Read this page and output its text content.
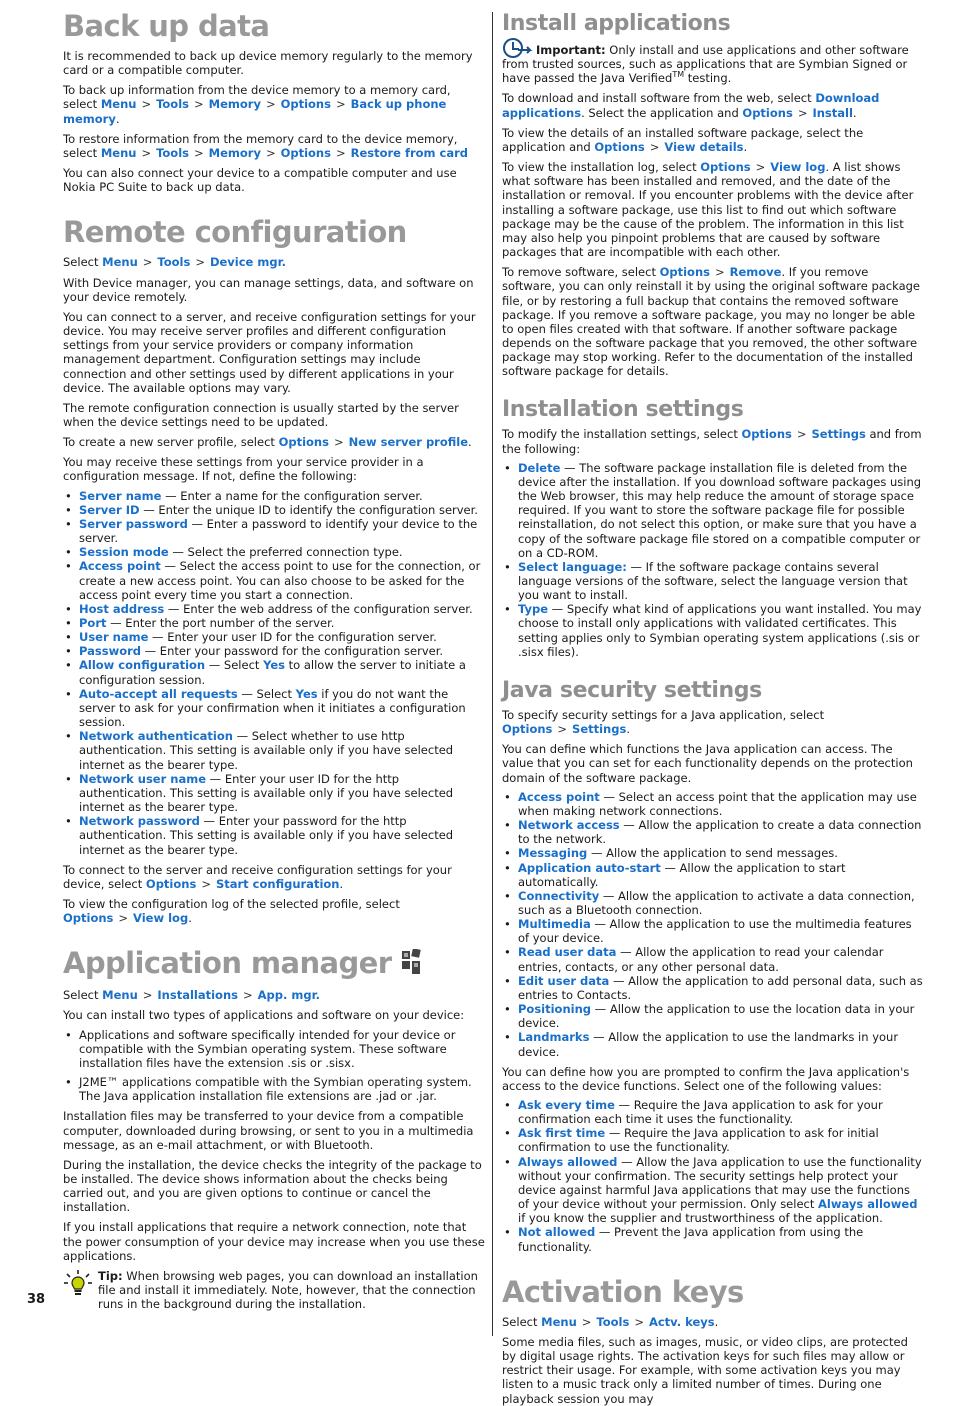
Back up data

It is recommended to back up device memory regularly to the memory card or a compatible computer.

To back up information from the device memory to a memory card, select Menu > Tools > Memory > Options > Back up phone memory.

To restore information from the memory card to the device memory, select Menu > Tools > Memory > Options > Restore from card

You can also connect your device to a compatible computer and use Nokia PC Suite to back up data.

Remote configuration

Select Menu > Tools > Device mgr.

With Device manager, you can manage settings, data, and software on your device remotely.

You can connect to a server, and receive configuration settings for your device. You may receive server profiles and different configuration settings from your service providers or company information management department. Configuration settings may include connection and other settings used by different applications in your device. The available options may vary.

The remote configuration connection is usually started by the server when the device settings need to be updated.

To create a new server profile, select Options > New server profile.

You may receive these settings from your service provider in a configuration message. If not, define the following:

• Server name — Enter a name for the configuration server.
• Server ID — Enter the unique ID to identify the configuration server.
• Server password — Enter a password to identify your device to the server.
• Session mode — Select the preferred connection type.
• Access point — Select the access point to use for the connection, or create a new access point. You can also choose to be asked for the access point every time you start a connection.
• Host address — Enter the web address of the configuration server.
• Port — Enter the port number of the server.
• User name — Enter your user ID for the configuration server.
• Password — Enter your password for the configuration server.
• Allow configuration — Select Yes to allow the server to initiate a configuration session.
• Auto-accept all requests — Select Yes if you do not want the server to ask for your confirmation when it initiates a configuration session.
• Network authentication — Select whether to use http authentication. This setting is available only if you have selected internet as the bearer type.
• Network user name — Enter your user ID for the http authentication. This setting is available only if you have selected internet as the bearer type.
• Network password — Enter your password for the http authentication. This setting is available only if you have selected internet as the bearer type.

To connect to the server and receive configuration settings for your device, select Options > Start configuration.

To view the configuration log of the selected profile, select Options > View log.

Application manager

Select Menu > Installations > App. mgr.

You can install two types of applications and software on your device:

• Applications and software specifically intended for your device or compatible with the Symbian operating system. These software installation files have the extension .sis or .sisx.
• J2ME™ applications compatible with the Symbian operating system. The Java application installation file extensions are .jad or .jar.

Installation files may be transferred to your device from a compatible computer, downloaded during browsing, or sent to you in a multimedia message, as an e-mail attachment, or with Bluetooth.

During the installation, the device checks the integrity of the package to be installed. The device shows information about the checks being carried out, and you are given options to continue or cancel the installation.

If you install applications that require a network connection, note that the power consumption of your device may increase when you use these applications.

Tip: When browsing web pages, you can download an installation file and install it immediately. Note, however, that the connection runs in the background during the installation.
Install applications

Important: Only install and use applications and other software from trusted sources, such as applications that are Symbian Signed or have passed the Java Verified™ testing.

To download and install software from the web, select Download applications. Select the application and Options > Install.

To view the details of an installed software package, select the application and Options > View details.

To view the installation log, select Options > View log. A list shows what software has been installed and removed, and the date of the installation or removal. If you encounter problems with the device after installing a software package, use this list to find out which software package may be the cause of the problem. The information in this list may also help you pinpoint problems that are caused by software packages that are incompatible with each other.

To remove software, select Options > Remove. If you remove software, you can only reinstall it by using the original software package file, or by restoring a full backup that contains the removed software package. If you remove a software package, you may no longer be able to open files created with that software. If another software package depends on the software package that you removed, the other software package may stop working. Refer to the documentation of the installed software package for details.

Installation settings

To modify the installation settings, select Options > Settings and from the following:

• Delete — The software package installation file is deleted from the device after the installation. If you download software packages using the Web browser, this may help reduce the amount of storage space required. If you want to store the software package file for possible reinstallation, do not select this option, or make sure that you have a copy of the software package file stored on a compatible computer or on a CD-ROM.
• Select language: — If the software package contains several language versions of the software, select the language version that you want to install.
• Type — Specify what kind of applications you want installed. You may choose to install only applications with validated certificates. This setting applies only to Symbian operating system applications (.sis or .sisx files).
Java security settings

To specify security settings for a Java application, select Options > Settings.

You can define which functions the Java application can access. The value that you can set for each functionality depends on the protection domain of the software package.

• Access point — Select an access point that the application may use when making network connections.
• Network access — Allow the application to create a data connection to the network.
• Messaging — Allow the application to send messages.
• Application auto-start — Allow the application to start automatically.
• Connectivity — Allow the application to activate a data connection, such as a Bluetooth connection.
• Multimedia — Allow the application to use the multimedia features of your device.
• Read user data — Allow the application to read your calendar entries, contacts, or any other personal data.
• Edit user data — Allow the application to add personal data, such as entries to Contacts.
• Positioning — Allow the application to use the location data in your device.
• Landmarks — Allow the application to use the landmarks in your device.

You can define how you are prompted to confirm the Java application's access to the device functions. Select one of the following values:

• Ask every time — Require the Java application to ask for your confirmation each time it uses the functionality.
• Ask first time — Require the Java application to ask for initial confirmation to use the functionality.
• Always allowed — Allow the Java application to use the functionality without your confirmation. The security settings help protect your device against harmful Java applications that may use the functions of your device without your permission. Only select Always allowed if you know the supplier and trustworthiness of the application.
• Not allowed — Prevent the Java application from using the functionality.
Activation keys

Select Menu > Tools > Actv. keys.

Some media files, such as images, music, or video clips, are protected by digital usage rights. The activation keys for such files may allow or restrict their usage. For example, with some activation keys you may listen to a music track only a limited number of times. During one playback session you may

38
